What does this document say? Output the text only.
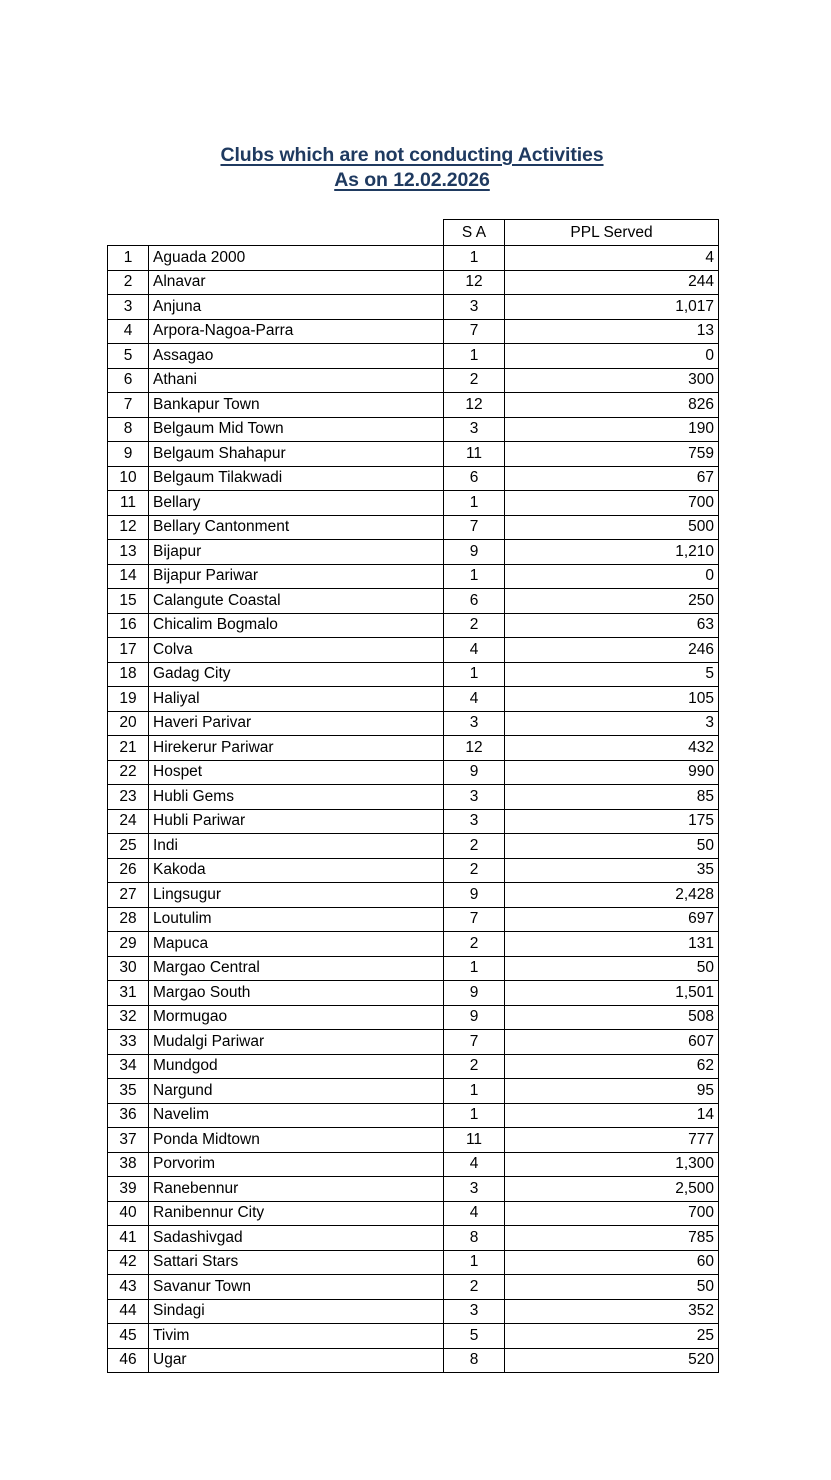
Clubs which are not conducting Activities
As on 12.02.2026
		S A	PPL Served
1	Aguada 2000	1	4
2	Alnavar	12	244
3	Anjuna	3	1,017
4	Arpora-Nagoa-Parra	7	13
5	Assagao	1	0
6	Athani	2	300
7	Bankapur Town	12	826
8	Belgaum Mid Town	3	190
9	Belgaum Shahapur	11	759
10	Belgaum Tilakwadi	6	67
11	Bellary	1	700
12	Bellary Cantonment	7	500
13	Bijapur	9	1,210
14	Bijapur Pariwar	1	0
15	Calangute Coastal	6	250
16	Chicalim Bogmalo	2	63
17	Colva	4	246
18	Gadag City	1	5
19	Haliyal	4	105
20	Haveri Parivar	3	3
21	Hirekerur Pariwar	12	432
22	Hospet	9	990
23	Hubli Gems	3	85
24	Hubli Pariwar	3	175
25	Indi	2	50
26	Kakoda	2	35
27	Lingsugur	9	2,428
28	Loutulim	7	697
29	Mapuca	2	131
30	Margao Central	1	50
31	Margao South	9	1,501
32	Mormugao	9	508
33	Mudalgi Pariwar	7	607
34	Mundgod	2	62
35	Nargund	1	95
36	Navelim	1	14
37	Ponda Midtown	11	777
38	Porvorim	4	1,300
39	Ranebennur	3	2,500
40	Ranibennur City	4	700
41	Sadashivgad	8	785
42	Sattari Stars	1	60
43	Savanur Town	2	50
44	Sindagi	3	352
45	Tivim	5	25
46	Ugar	8	520
